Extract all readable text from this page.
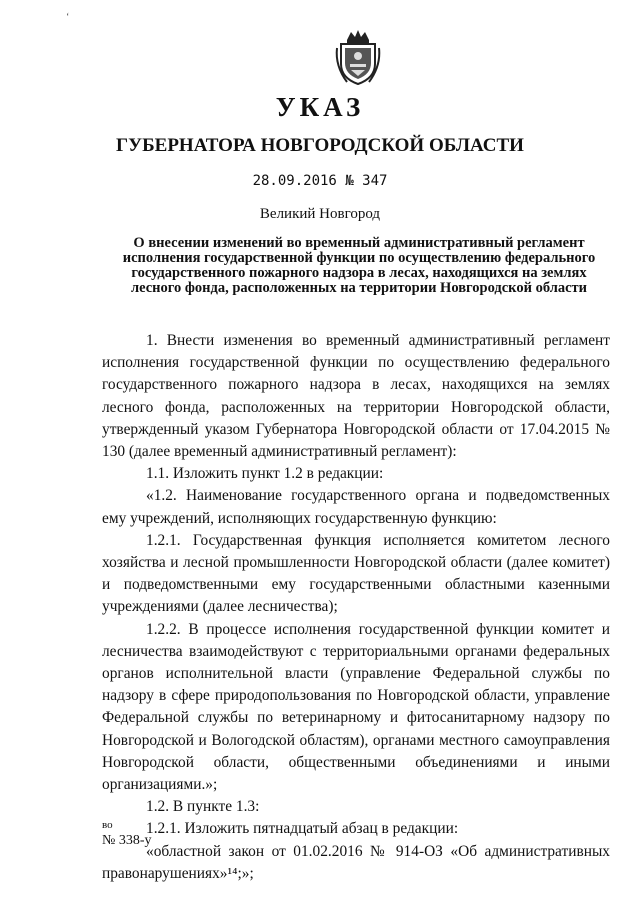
‘
УКАЗ
ГУБЕРНАТОРА НОВГОРОДСКОЙ ОБЛАСТИ
28.09.2016 № 347
Великий Новгород
О внесении изменений во временный административный регламент исполнения государственной функции по осуществлению федерального государственного пожарного надзора в лесах, находящихся на землях лесного фонда, расположенных на территории Новгородской области

1. Внести изменения во временный административный регламент исполнения государственной функции по осуществлению федерального государственного пожарного надзора в лесах, находящихся на землях лесного фонда, расположенных на территории Новгородской области, утвержденный указом Губернатора Новгородской области от 17.04.2015 № 130 (далее временный административный регламент):

1.1. Изложить пункт 1.2 в редакции:

«1.2. Наименование государственного органа и подведомственных ему учреждений, исполняющих государственную функцию:

1.2.1. Государственная функция исполняется комитетом лесного хозяйства и лесной промышленности Новгородской области (далее комитет) и подведомственными ему государственными областными казенными учреждениями (далее лесничества);

1.2.2. В процессе исполнения государственной функции комитет и лесничества взаимодействуют с территориальными органами федеральных органов исполнительной власти (управление Федеральной службы по надзору в сфере природопользования по Новгородской области, управление Федеральной службы по ветеринарному и фитосанитарному надзору по Новгородской и Вологодской областям), органами местного самоуправления Новгородской области, общественными объединениями и иными организациями.»;

1.2. В пункте 1.3:

1.2.1. Изложить пятнадцатый абзац в редакции:

«областной закон от 01.02.2016 № 914-ОЗ «Об административных правонарушениях»¹⁴;»;

во
№ 338-у
